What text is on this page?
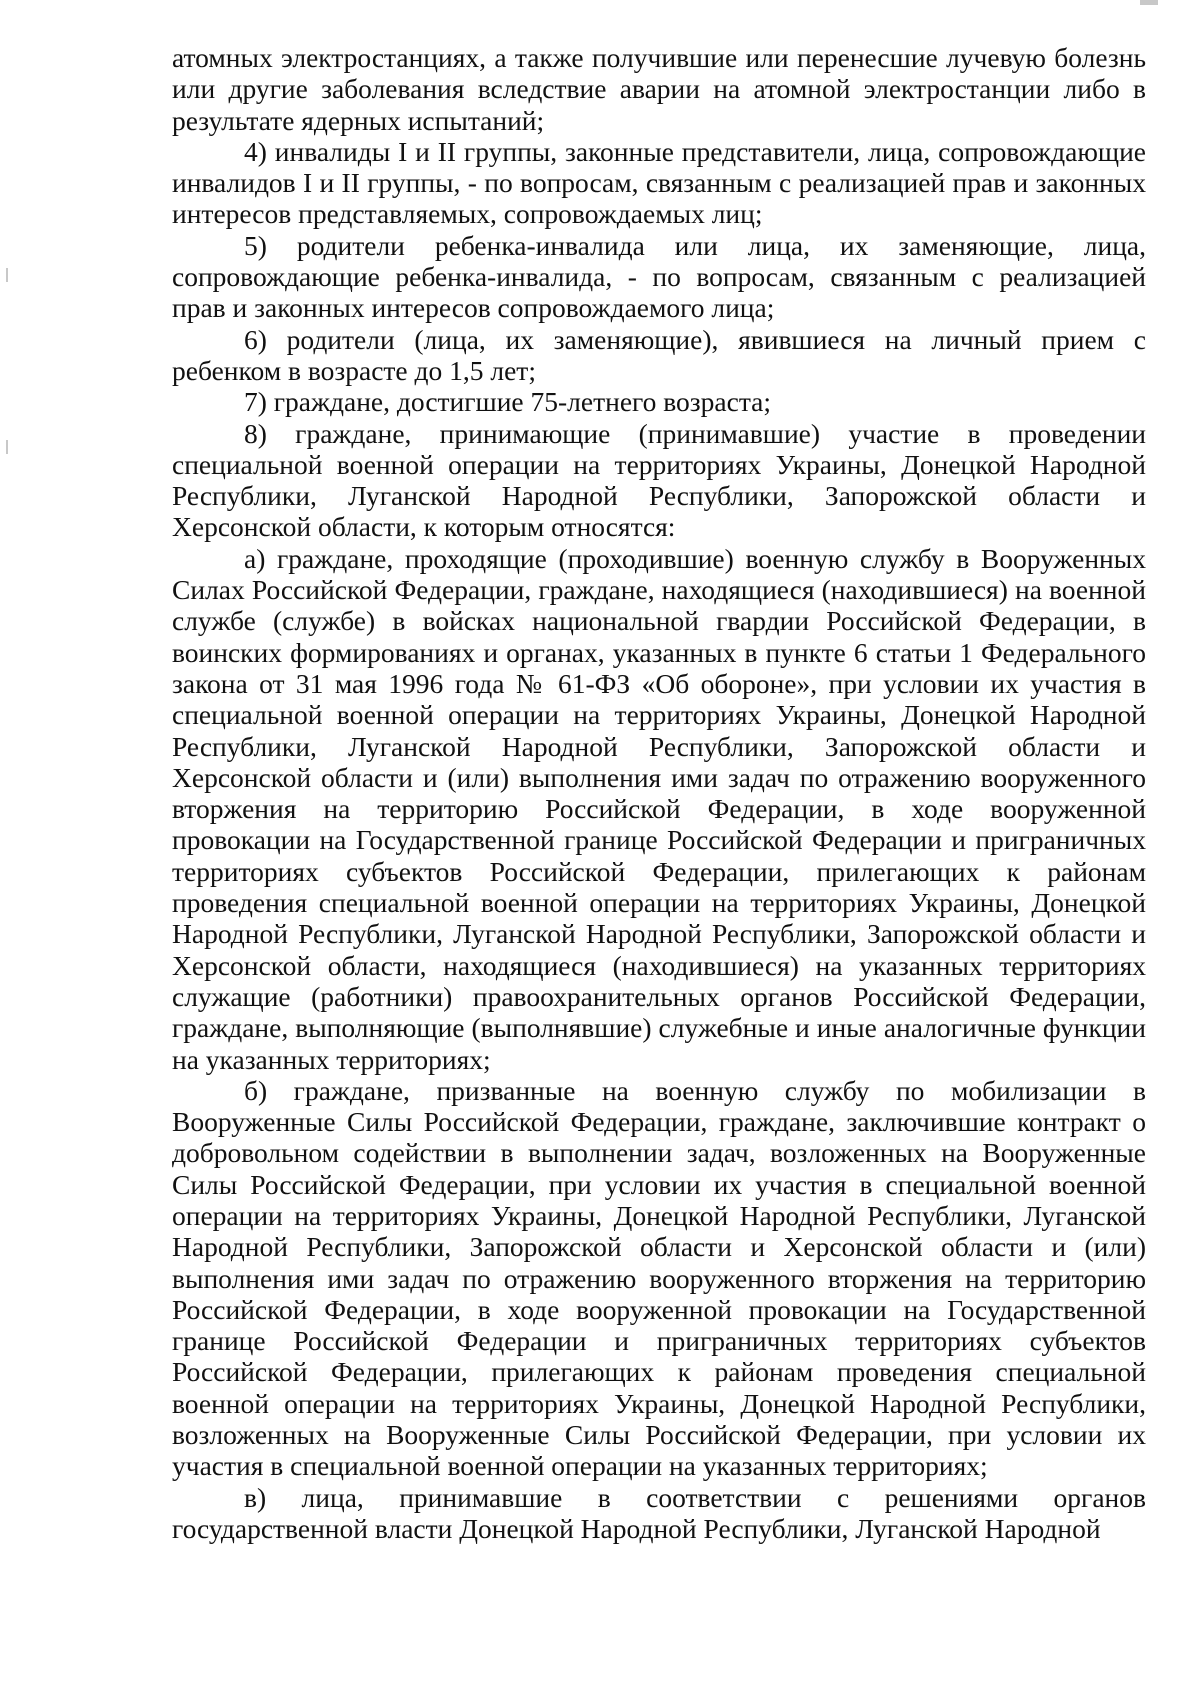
атомных электростанциях, а также получившие или перенесшие лучевую болезнь или другие заболевания вследствие аварии на атомной электростанции либо в результате ядерных испытаний;

4) инвалиды I и II группы, законные представители, лица, сопровождающие инвалидов I и II группы, - по вопросам, связанным с реализацией прав и законных интересов представляемых, сопровождаемых лиц;

5) родители ребенка-инвалида или лица, их заменяющие, лица, сопровождающие ребенка-инвалида, - по вопросам, связанным с реализацией прав и законных интересов сопровождаемого лица;

6) родители (лица, их заменяющие), явившиеся на личный прием с ребенком в возрасте до 1,5 лет;

7) граждане, достигшие 75-летнего возраста;

8) граждане, принимающие (принимавшие) участие в проведении специальной военной операции на территориях Украины, Донецкой Народной Республики, Луганской Народной Республики, Запорожской области и Херсонской области, к которым относятся:

а) граждане, проходящие (проходившие) военную службу в Вооруженных Силах Российской Федерации, граждане, находящиеся (находившиеся) на военной службе (службе) в войсках национальной гвардии Российской Федерации, в воинских формированиях и органах, указанных в пункте 6 статьи 1 Федерального закона от 31 мая 1996 года № 61-ФЗ «Об обороне», при условии их участия в специальной военной операции на территориях Украины, Донецкой Народной Республики, Луганской Народной Республики, Запорожской области и Херсонской области и (или) выполнения ими задач по отражению вооруженного вторжения на территорию Российской Федерации, в ходе вооруженной провокации на Государственной границе Российской Федерации и приграничных территориях субъектов Российской Федерации, прилегающих к районам проведения специальной военной операции на территориях Украины, Донецкой Народной Республики, Луганской Народной Республики, Запорожской области и Херсонской области, находящиеся (находившиеся) на указанных территориях служащие (работники) правоохранительных органов Российской Федерации, граждане, выполняющие (выполнявшие) служебные и иные аналогичные функции на указанных территориях;

б) граждане, призванные на военную службу по мобилизации в Вооруженные Силы Российской Федерации, граждане, заключившие контракт о добровольном содействии в выполнении задач, возложенных на Вооруженные Силы Российской Федерации, при условии их участия в специальной военной операции на территориях Украины, Донецкой Народной Республики, Луганской Народной Республики, Запорожской области и Херсонской области и (или) выполнения ими задач по отражению вооруженного вторжения на территорию Российской Федерации, в ходе вооруженной провокации на Государственной границе Российской Федерации и приграничных территориях субъектов Российской Федерации, прилегающих к районам проведения специальной военной операции на территориях Украины, Донецкой Народной Республики, возложенных на Вооруженные Силы Российской Федерации, при условии их участия в специальной военной операции на указанных территориях;

в) лица, принимавшие в соответствии с решениями органов государственной власти Донецкой Народной Республики, Луганской Народной
